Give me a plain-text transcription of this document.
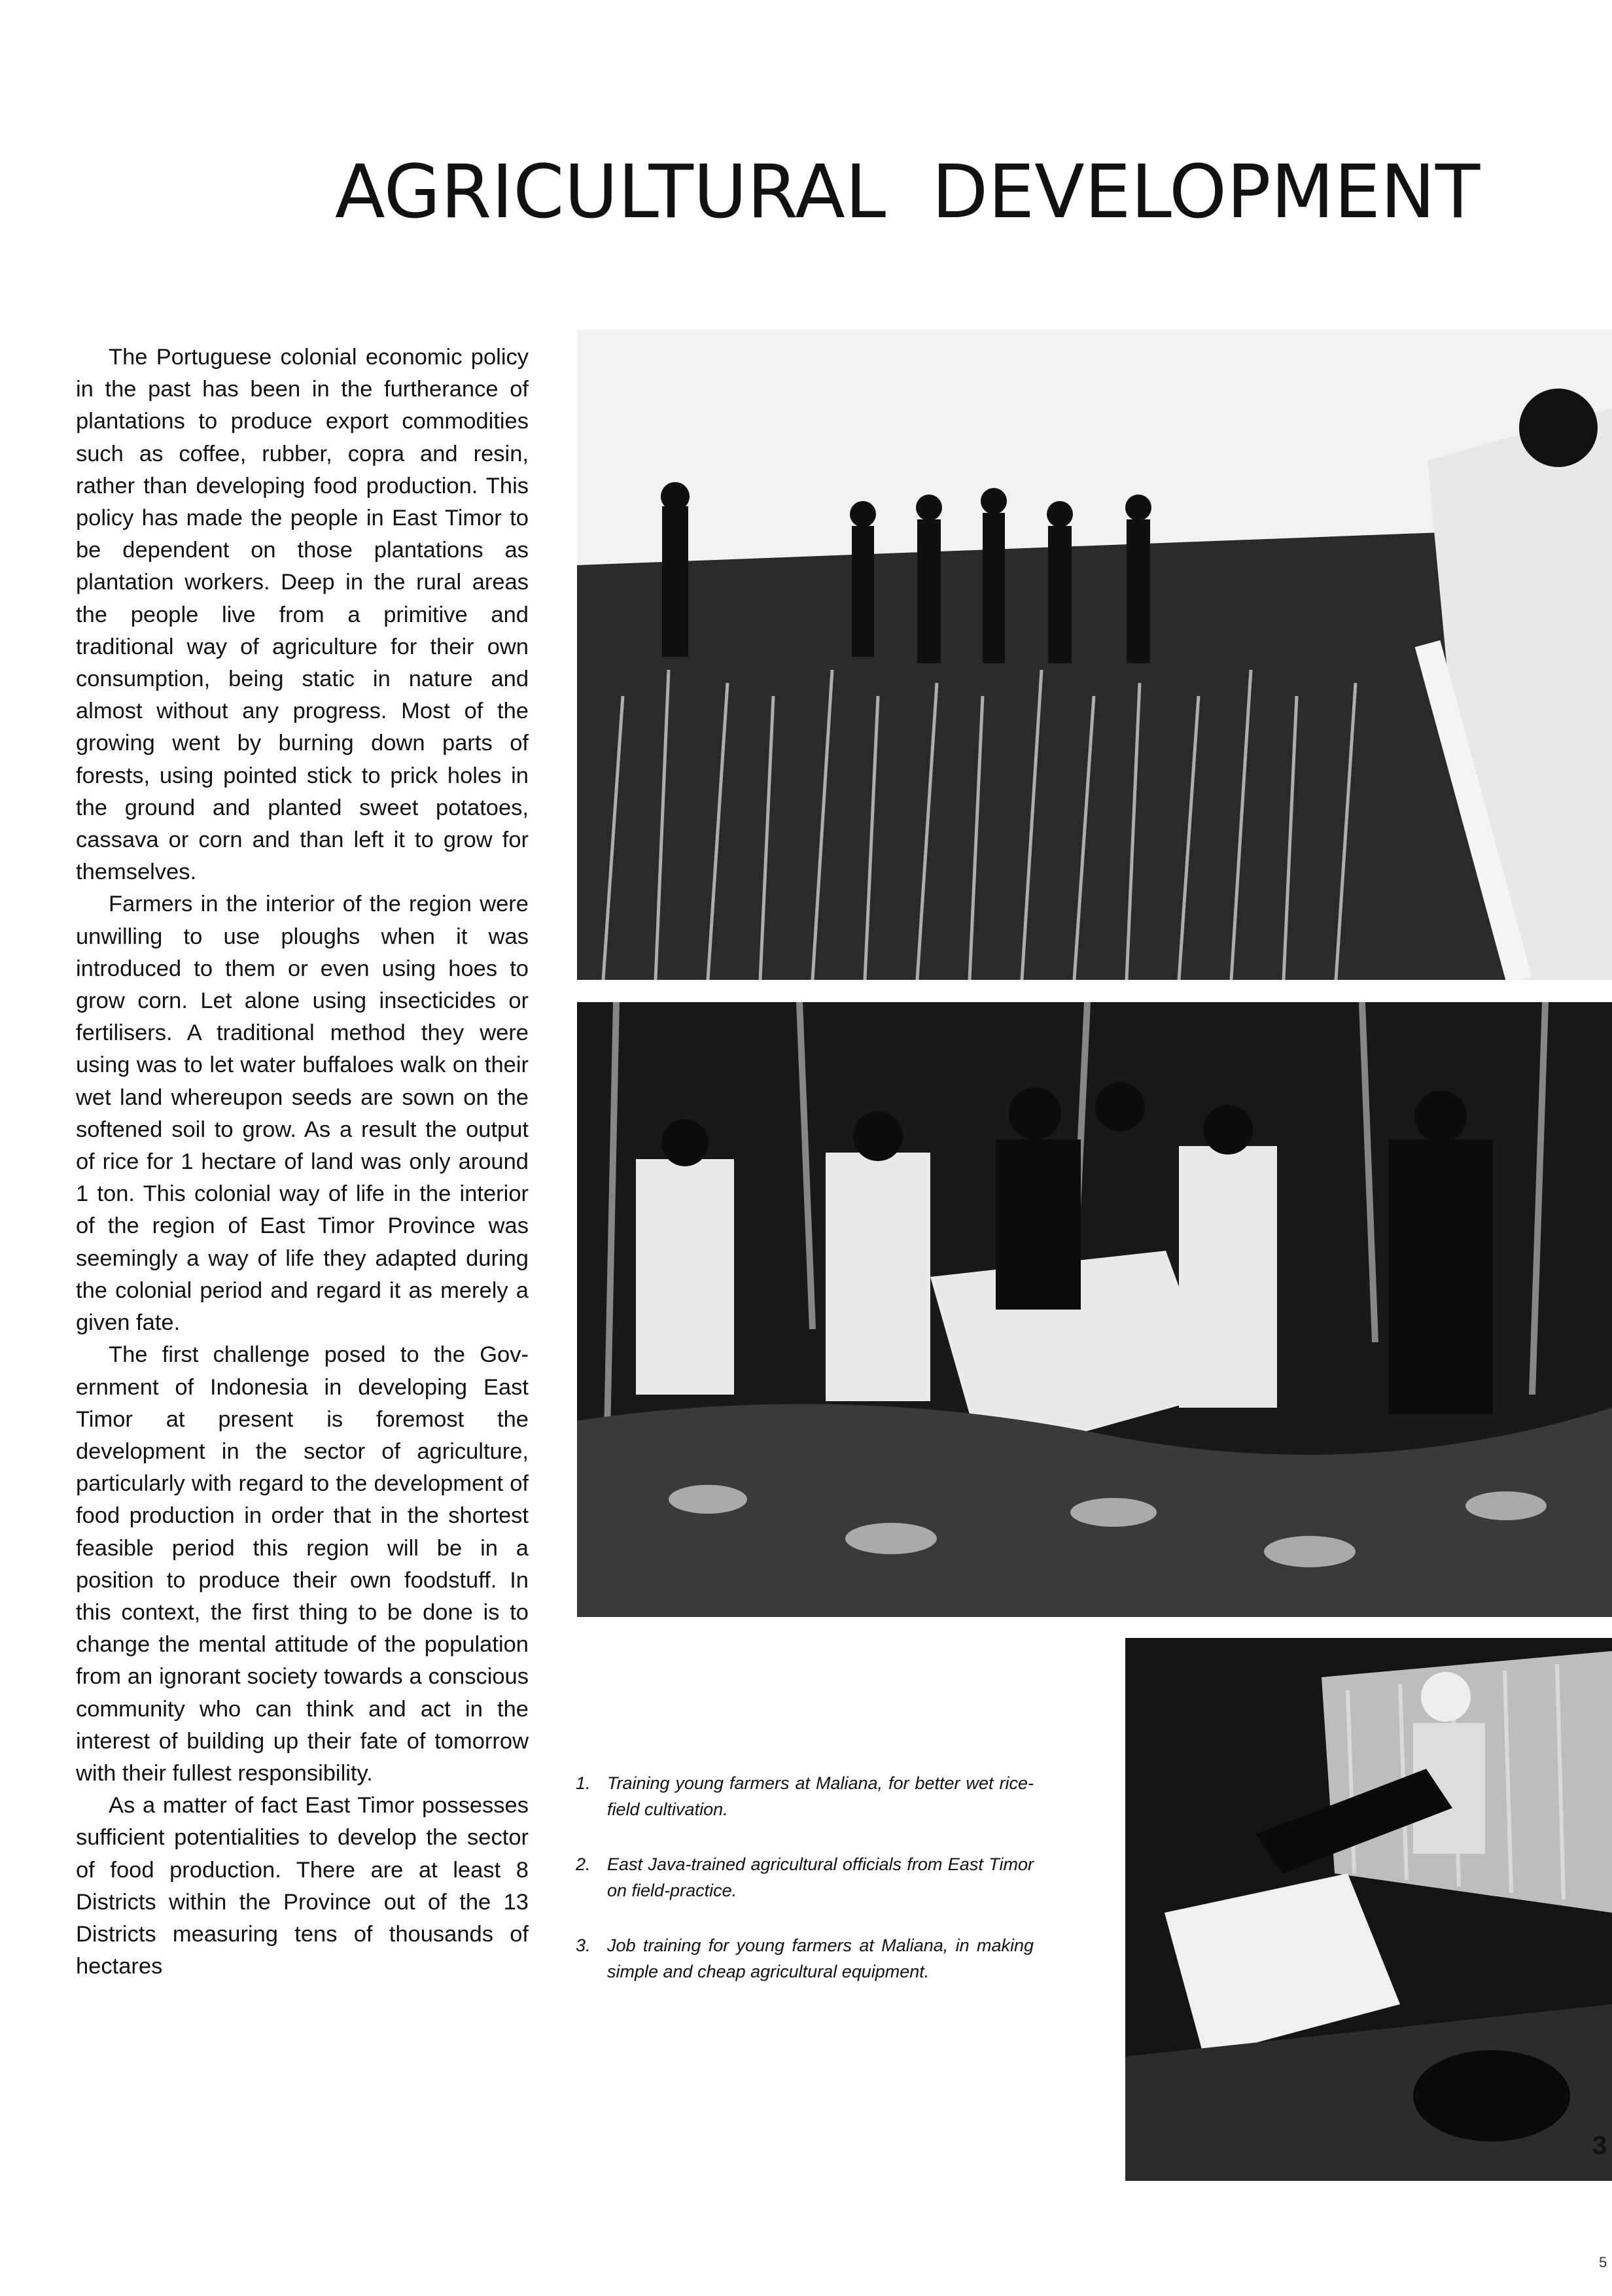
AGRICULTURAL DEVELOPMENT

The Portuguese colonial economic policy in the past has been in the furtherance of plantations to produce export commodities such as coffee, rubber, copra and resin, rather than developing food production. This policy has made the people in East Timor to be dependent on those plantations as plantation workers. Deep in the rural areas the people live from a primitive and traditional way of agriculture for their own consumption, being static in nature and almost without any progress. Most of the growing went by burning down parts of forests, using pointed stick to prick holes in the ground and planted sweet potatoes, cassava or corn and than left it to grow for themselves.

Farmers in the interior of the region were unwilling to use ploughs when it was introduced to them or even using hoes to grow corn. Let alone using insecticides or fertilisers. A traditional method they were using was to let water buffaloes walk on their wet land whereupon seeds are sown on the softened soil to grow. As a result the output of rice for 1 hectare of land was only around 1 ton. This colonial way of life in the interior of the region of East Timor Province was seemingly a way of life they adapted during the colonial period and regard it as merely a given fate.

The first challenge posed to the Government of Indonesia in developing East Timor at present is foremost the development in the sector of agriculture, particularly with regard to the development of food production in order that in the shortest feasible period this region will be in a position to produce their own foodstuff. In this context, the first thing to be done is to change the mental attitude of the population from an ignorant society towards a conscious community who can think and act in the interest of building up their fate of tomorrow with their fullest responsibility.

As a matter of fact East Timor possesses sufficient potentialities to develop the sector of food production. There are at least 8 Districts within the Province out of the 13 Districts measuring tens of thousands of hectares

1. Training young farmers at Maliana, for better wet rice-field cultivation.
2. East Java-trained agricultural officials from East Timor on field-practice.
3. Job training for young farmers at Maliana, in making simple and cheap agricultural equipment.
3
5
